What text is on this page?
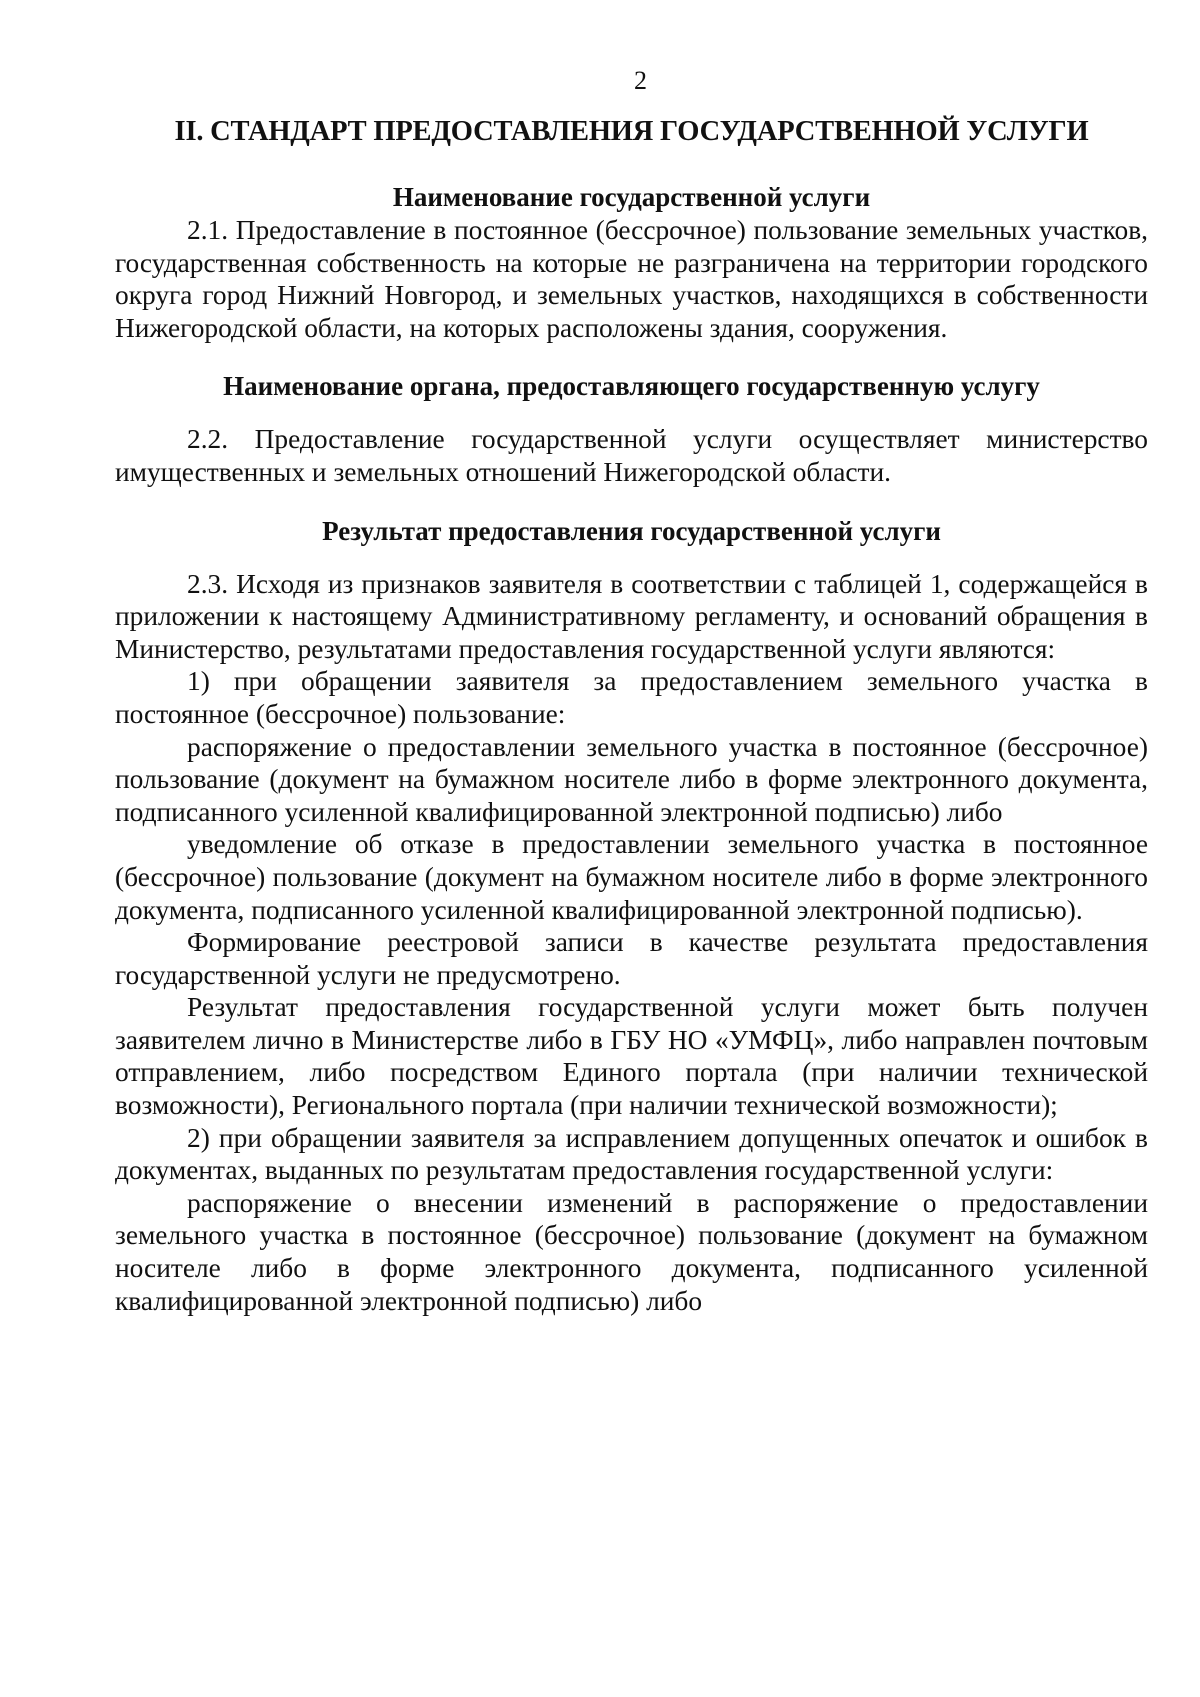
2
II. СТАНДАРТ ПРЕДОСТАВЛЕНИЯ ГОСУДАРСТВЕННОЙ УСЛУГИ
Наименование государственной услуги

2.1. Предоставление в постоянное (бессрочное) пользование земельных участков, государственная собственность на которые не разграничена на территории городского округа город Нижний Новгород, и земельных участков, находящихся в собственности Нижегородской области, на которых расположены здания, сооружения.

Наименование органа, предоставляющего государственную услугу

2.2. Предоставление государственной услуги осуществляет министерство имущественных и земельных отношений Нижегородской области.

Результат предоставления государственной услуги

2.3. Исходя из признаков заявителя в соответствии с таблицей 1, содержащейся в приложении к настоящему Административному регламенту, и оснований обращения в Министерство, результатами предоставления государственной услуги являются:

1) при обращении заявителя за предоставлением земельного участка в постоянное (бессрочное) пользование:

распоряжение о предоставлении земельного участка в постоянное (бессрочное) пользование (документ на бумажном носителе либо в форме электронного документа, подписанного усиленной квалифицированной электронной подписью) либо

уведомление об отказе в предоставлении земельного участка в постоянное (бессрочное) пользование (документ на бумажном носителе либо в форме электронного документа, подписанного усиленной квалифицированной электронной подписью).

Формирование реестровой записи в качестве результата предоставления государственной услуги не предусмотрено.

Результат предоставления государственной услуги может быть получен заявителем лично в Министерстве либо в ГБУ НО «УМФЦ», либо направлен почтовым отправлением, либо посредством Единого портала (при наличии технической возможности), Регионального портала (при наличии технической возможности);

2) при обращении заявителя за исправлением допущенных опечаток и ошибок в документах, выданных по результатам предоставления государственной услуги:

распоряжение о внесении изменений в распоряжение о предоставлении земельного участка в постоянное (бессрочное) пользование (документ на бумажном носителе либо в форме электронного документа, подписанного усиленной квалифицированной электронной подписью) либо
